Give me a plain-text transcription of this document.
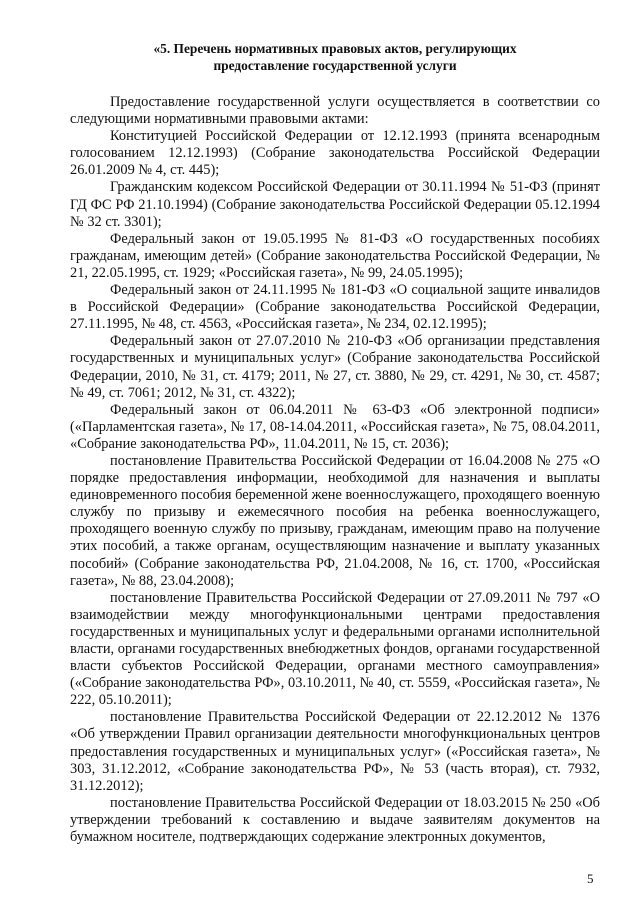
«5. Перечень нормативных правовых актов, регулирующих
предоставление государственной услуги

Предоставление государственной услуги осуществляется в соответствии со следующими нормативными правовыми актами:

Конституцией Российской Федерации от 12.12.1993 (принята всенародным голосованием 12.12.1993) (Собрание законодательства Российской Федерации 26.01.2009 № 4, ст. 445);

Гражданским кодексом Российской Федерации от 30.11.1994 № 51-ФЗ (принят ГД ФС РФ 21.10.1994) (Собрание законодательства Российской Федерации 05.12.1994 № 32 ст. 3301);

Федеральный закон от 19.05.1995 № 81-ФЗ «О государственных пособиях гражданам, имеющим детей» (Собрание законодательства Российской Федерации, № 21, 22.05.1995, ст. 1929; «Российская газета», № 99, 24.05.1995);

Федеральный закон от 24.11.1995 № 181-ФЗ «О социальной защите инвалидов в Российской Федерации» (Собрание законодательства Российской Федерации, 27.11.1995, № 48, ст. 4563, «Российская газета», № 234, 02.12.1995);

Федеральный закон от 27.07.2010 № 210-ФЗ «Об организации представления государственных и муниципальных услуг» (Собрание законодательства Российской Федерации, 2010, № 31, ст. 4179; 2011, № 27, ст. 3880, № 29, ст. 4291, № 30, ст. 4587; № 49, ст. 7061; 2012, № 31, ст. 4322);

Федеральный закон от 06.04.2011 № 63-ФЗ «Об электронной подписи» («Парламентская газета», № 17, 08-14.04.2011, «Российская газета», № 75, 08.04.2011, «Собрание законодательства РФ», 11.04.2011, № 15, ст. 2036);

постановление Правительства Российской Федерации от 16.04.2008 № 275 «О порядке предоставления информации, необходимой для назначения и выплаты единовременного пособия беременной жене военнослужащего, проходящего военную службу по призыву и ежемесячного пособия на ребенка военнослужащего, проходящего военную службу по призыву, гражданам, имеющим право на получение этих пособий, а также органам, осуществляющим назначение и выплату указанных пособий» (Собрание законодательства РФ, 21.04.2008, № 16, ст. 1700, «Российская газета», № 88, 23.04.2008);

постановление Правительства Российской Федерации от 27.09.2011 № 797 «О взаимодействии между многофункциональными центрами предоставления государственных и муниципальных услуг и федеральными органами исполнительной власти, органами государственных внебюджетных фондов, органами государственной власти субъектов Российской Федерации, органами местного самоуправления» («Собрание законодательства РФ», 03.10.2011, № 40, ст. 5559, «Российская газета», № 222, 05.10.2011);

постановление Правительства Российской Федерации от 22.12.2012 № 1376 «Об утверждении Правил организации деятельности многофункциональных центров предоставления государственных и муниципальных услуг» («Российская газета», № 303, 31.12.2012, «Собрание законодательства РФ», № 53 (часть вторая), ст. 7932, 31.12.2012);

постановление Правительства Российской Федерации от 18.03.2015 № 250 «Об утверждении требований к составлению и выдаче заявителям документов на бумажном носителе, подтверждающих содержание электронных документов,

5
